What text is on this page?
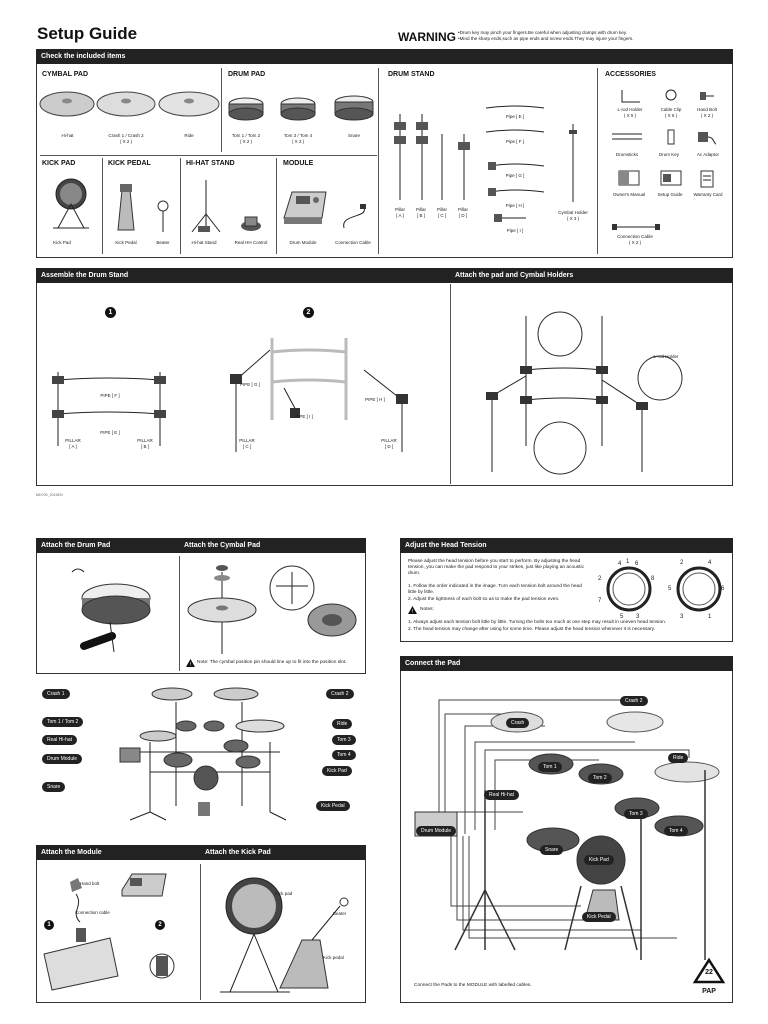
Setup Guide	WARNING •Drum key may pinch your fingers.Be careful when adjusting clamps with drum key.
•Mind the sharp ends,such as pipe ends and screw ends.They may injure your fingers.
Check the included items
CYMBAL PAD	DRUM PAD	DRUM STAND	ACCESSORIES
Hi-hat	Crash 1 / Crash 2
( X 2 )
Ride	Tom 1 / Tom 2
( X 2 )
Tom 3 / Tom 4
( X 2 )
Snare
KICK PAD	KICK PEDAL	HI-HAT STAND	MODULE
Kick Pad	Kick Pedal	Beater	Hi-hat Stand	Real HH Control	Drum Module	Connection Cable
Pillar
[ A ]
Pillar
[ B ]
Pillar
[ C ]
Pillar
[ D ]
Pipe [ E ]
Pipe [ F ]
Pipe [ G ]
Pipe [ H ]
Pipe [ I ]
Cymbal Holder
( X 3 )
L-rod Holder
( X 5 )
Cable Clip
( X 6 )
Hand Bolt
( X 2 )
Drumsticks	Drum Key	Ac Adaptor
Owner's Manual	Setup Guide	Warranty Card
Connection Cable
( X 2 )
Assemble the Drum Stand	Attach the pad and Cymbal Holders
1	2
PIPE [ F ]
PIPE [ E ]
PILLAR
[ A ]
PILLAR
[ B ]
PIPE [ G ]
PIPE [ H ]
PIPE [ I ]
PILLAR
[ C ]
PILLAR
[ D ]
L-rod Holder
MD700_2016EN
Attach the Drum Pad	Attach the Cymbal Pad
! Note: The cymbal position pin should line up to fit into the position slot.
Crash 1
Tom 1 / Tom 2
Real Hi-hat
Drum Module
Snare
Crash 2
Ride
Tom 3
Tom 4
Kick Pad
Kick Pedal
Attach the Module	Attach the Kick Pad
Hand bolt
Connection cable
1	2
Kick pad
Beater
Kick pedal
Adjust the Head Tension
Please adjust the head tension before you start to perform. By adjusting the head tension, you can make the pad respond to your strikes, just like playing an acoustic drum.
1. Follow the order indicated in the image. Turn each tension bolt around the head little by little.
2. Adjust the tightness of each bolt so as to make the pad tension even.
! Notes:
1. Always adjust each tension bolt little by little. Turning the bolts too much at one step may result in uneven head tension.
2. The head tension may change after using for some time. Please adjust the head tension whenever it is necessary.
1
4 6
2	8
7
5 3
2	4
5	6
3	1
Connect the Pad
Crash 2
Crash
Ride
Tom 1
Tom 2
Real Hi-hat
Tom 3
Drum Module	Tom 4
Snare
Kick Pad
Kick Pedal
Connect the Pads to the MODULE with labelled cables.
22
PAP
